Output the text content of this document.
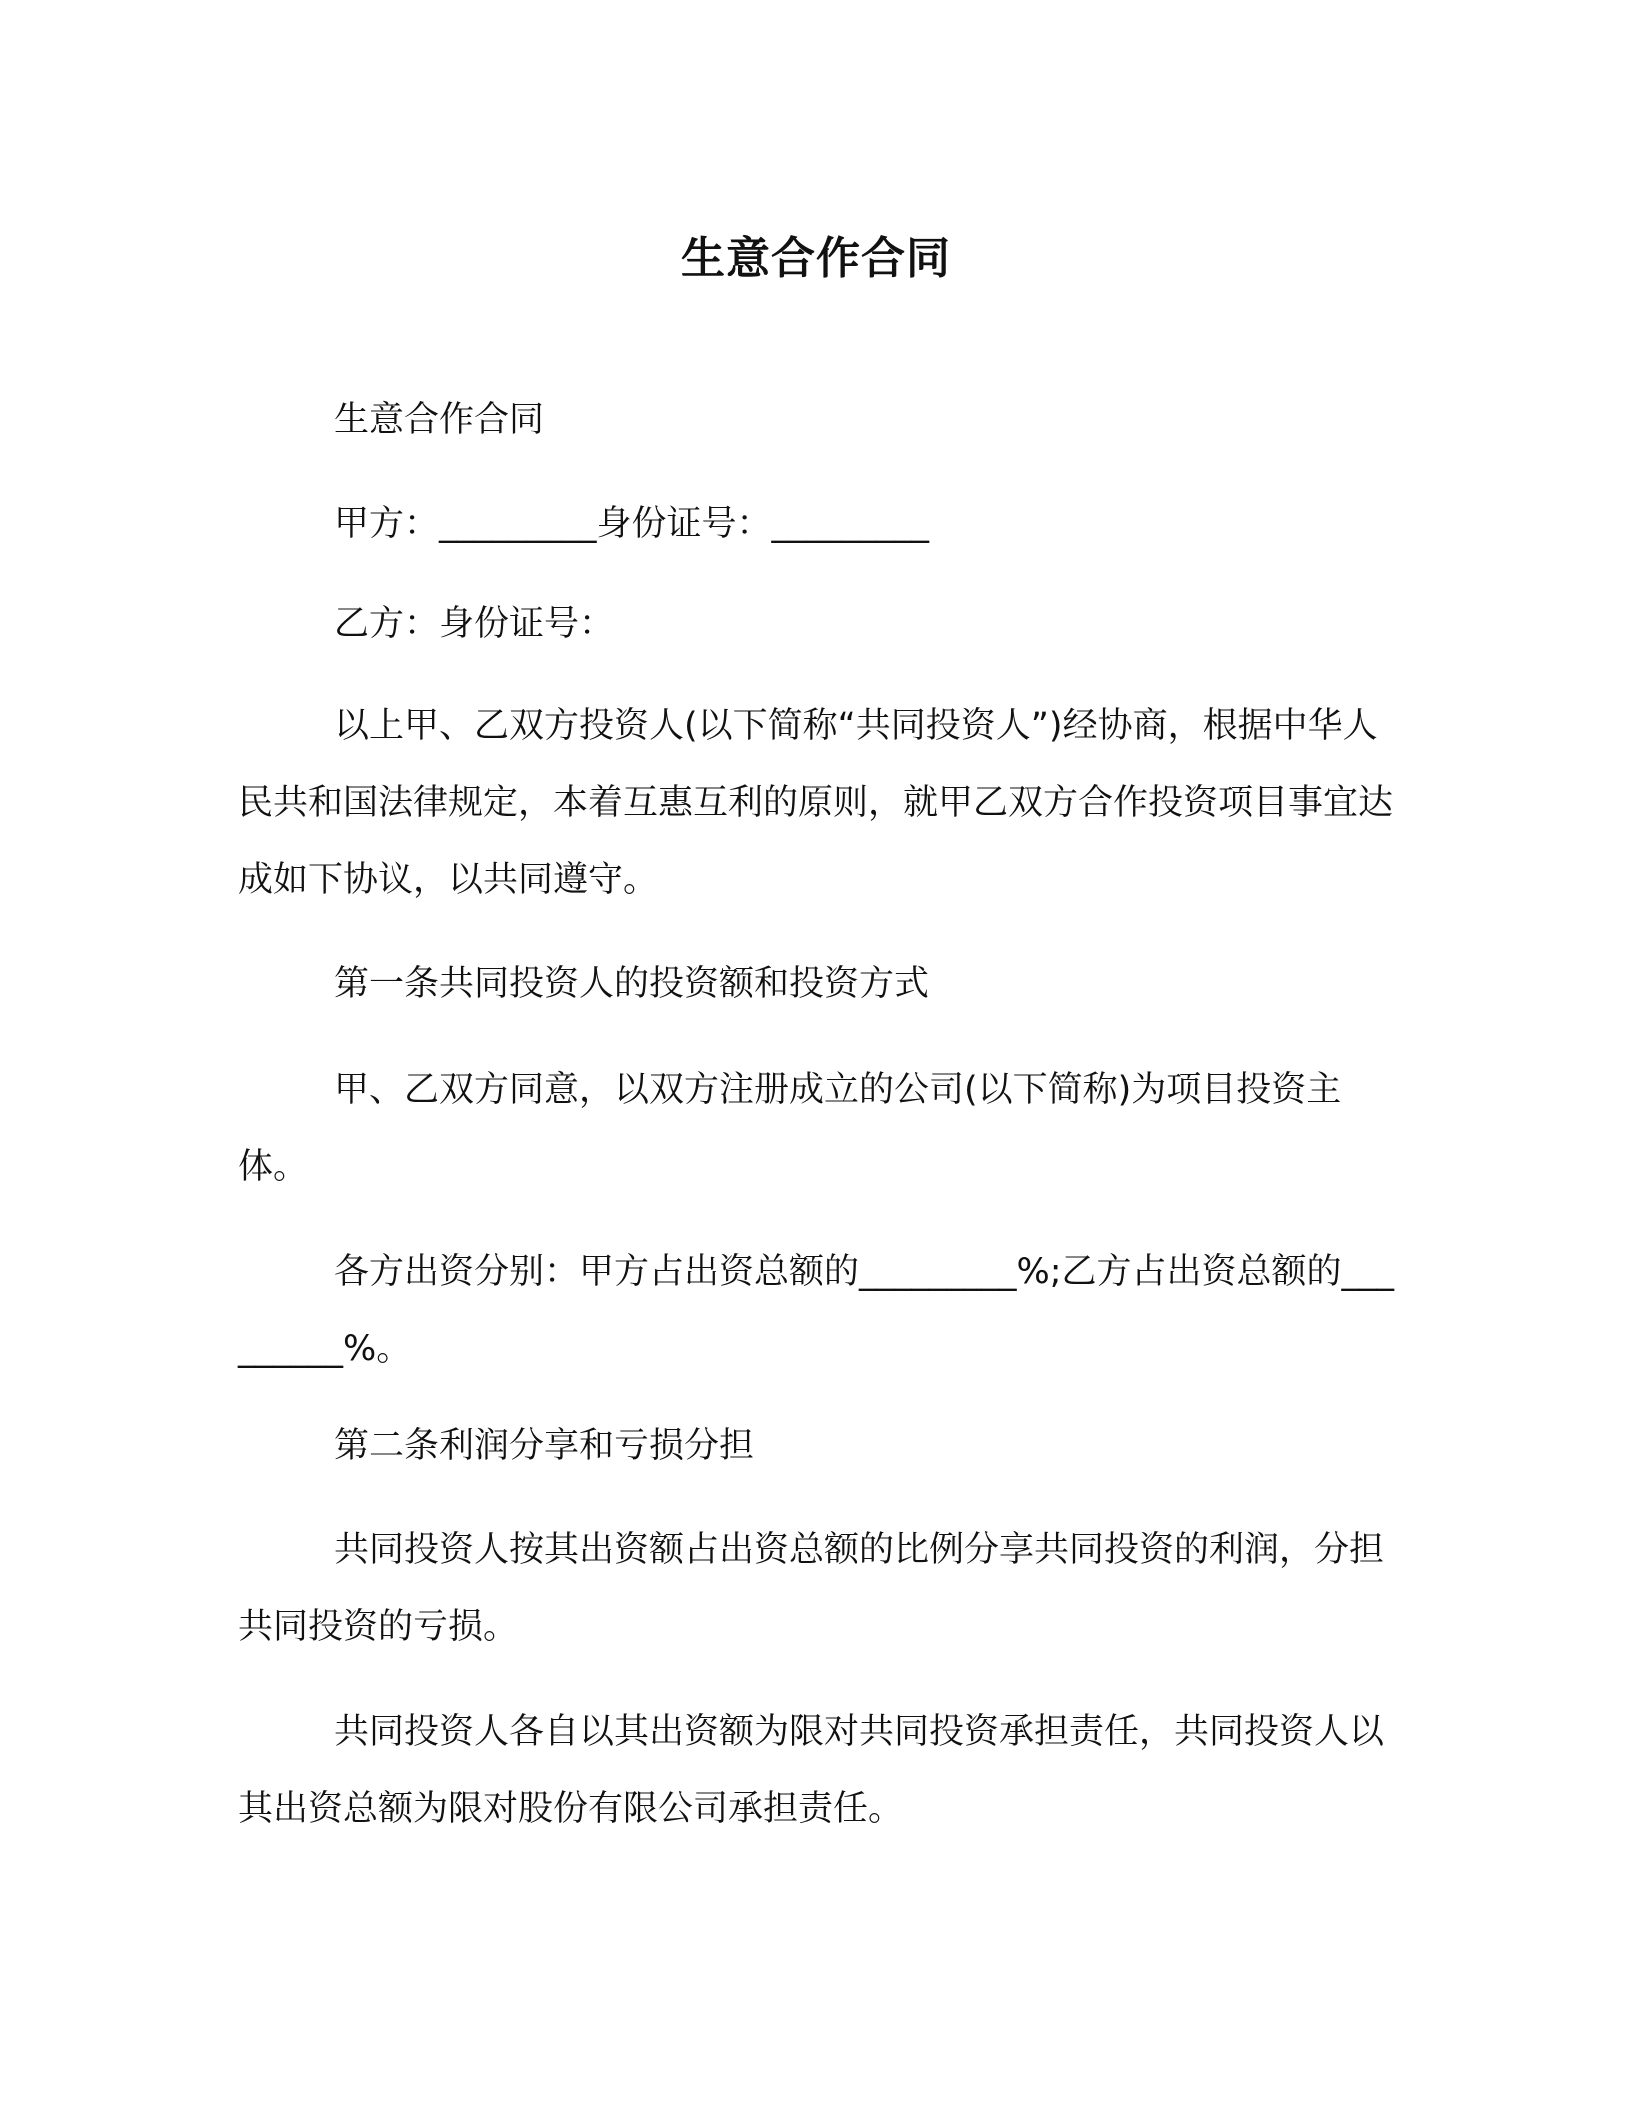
生意合作合同

生意合作合同

甲方：_________身份证号：_________

乙方：身份证号：

以上甲、乙双方投资人(以下简称“共同投资人”)经协商，根据中华人民共和国法律规定，本着互惠互利的原则，就甲乙双方合作投资项目事宜达成如下协议，以共同遵守。

第一条共同投资人的投资额和投资方式

甲、乙双方同意，以双方注册成立的公司(以下简称)为项目投资主体。

各方出资分别：甲方占出资总额的_________%;乙方占出资总额的_________%。

第二条利润分享和亏损分担

共同投资人按其出资额占出资总额的比例分享共同投资的利润，分担共同投资的亏损。

共同投资人各自以其出资额为限对共同投资承担责任，共同投资人以其出资总额为限对股份有限公司承担责任。
